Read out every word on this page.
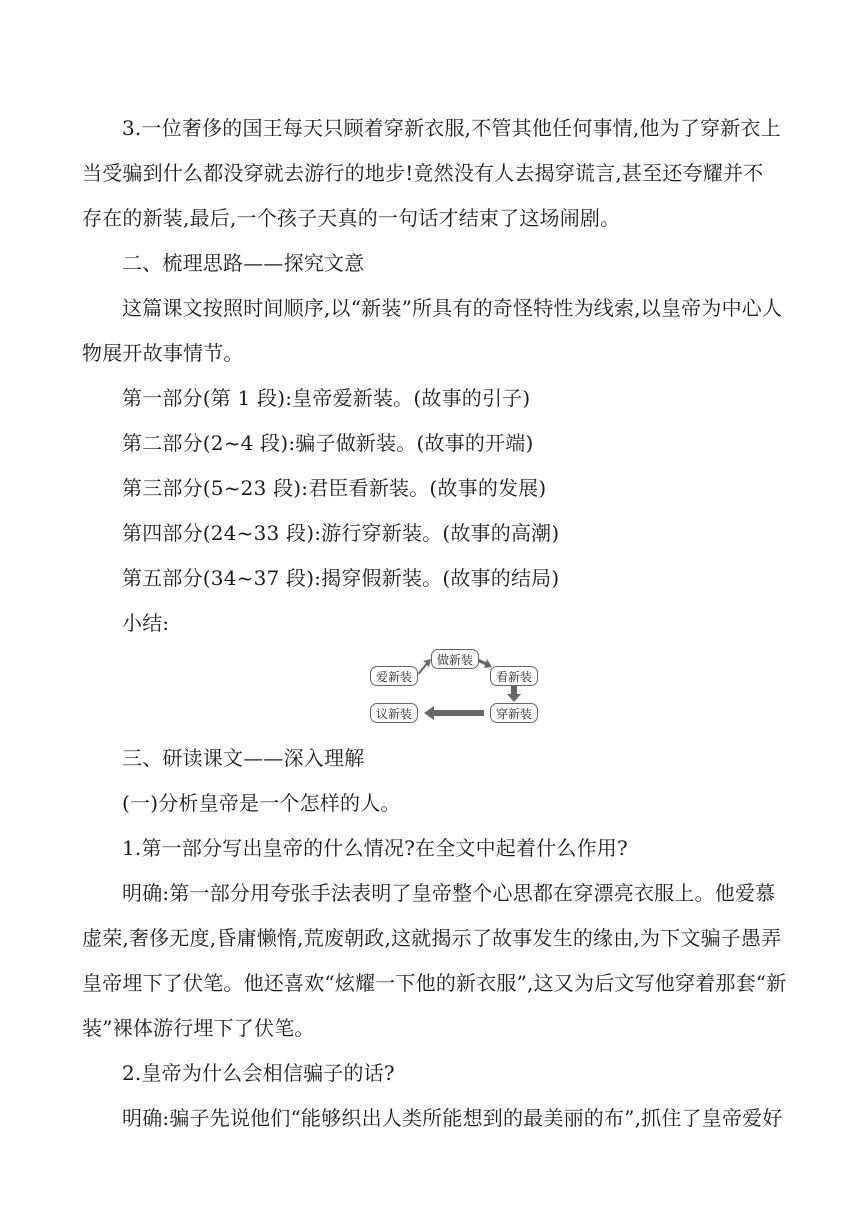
3.一位奢侈的国王每天只顾着穿新衣服,不管其他任何事情,他为了穿新衣上
当受骗到什么都没穿就去游行的地步!竟然没有人去揭穿谎言,甚至还夸耀并不
存在的新装,最后,一个孩子天真的一句话才结束了这场闹剧。
二、梳理思路——探究文意
这篇课文按照时间顺序,以“新装”所具有的奇怪特性为线索,以皇帝为中心人
物展开故事情节。
第一部分(第 1 段):皇帝爱新装。(故事的引子)
第二部分(2~4 段):骗子做新装。(故事的开端)
第三部分(5~23 段):君臣看新装。(故事的发展)
第四部分(24~33 段):游行穿新装。(故事的高潮)
第五部分(34~37 段):揭穿假新装。(故事的结局)
小结:
爱新装
做新装
看新装
穿新装
议新装
三、研读课文——深入理解
(一)分析皇帝是一个怎样的人。
1.第一部分写出皇帝的什么情况?在全文中起着什么作用?
明确:第一部分用夸张手法表明了皇帝整个心思都在穿漂亮衣服上。他爱慕
虚荣,奢侈无度,昏庸懒惰,荒废朝政,这就揭示了故事发生的缘由,为下文骗子愚弄
皇帝埋下了伏笔。他还喜欢“炫耀一下他的新衣服”,这又为后文写他穿着那套“新
装”裸体游行埋下了伏笔。
2.皇帝为什么会相信骗子的话?
明确:骗子先说他们“能够织出人类所能想到的最美丽的布”,抓住了皇帝爱好
